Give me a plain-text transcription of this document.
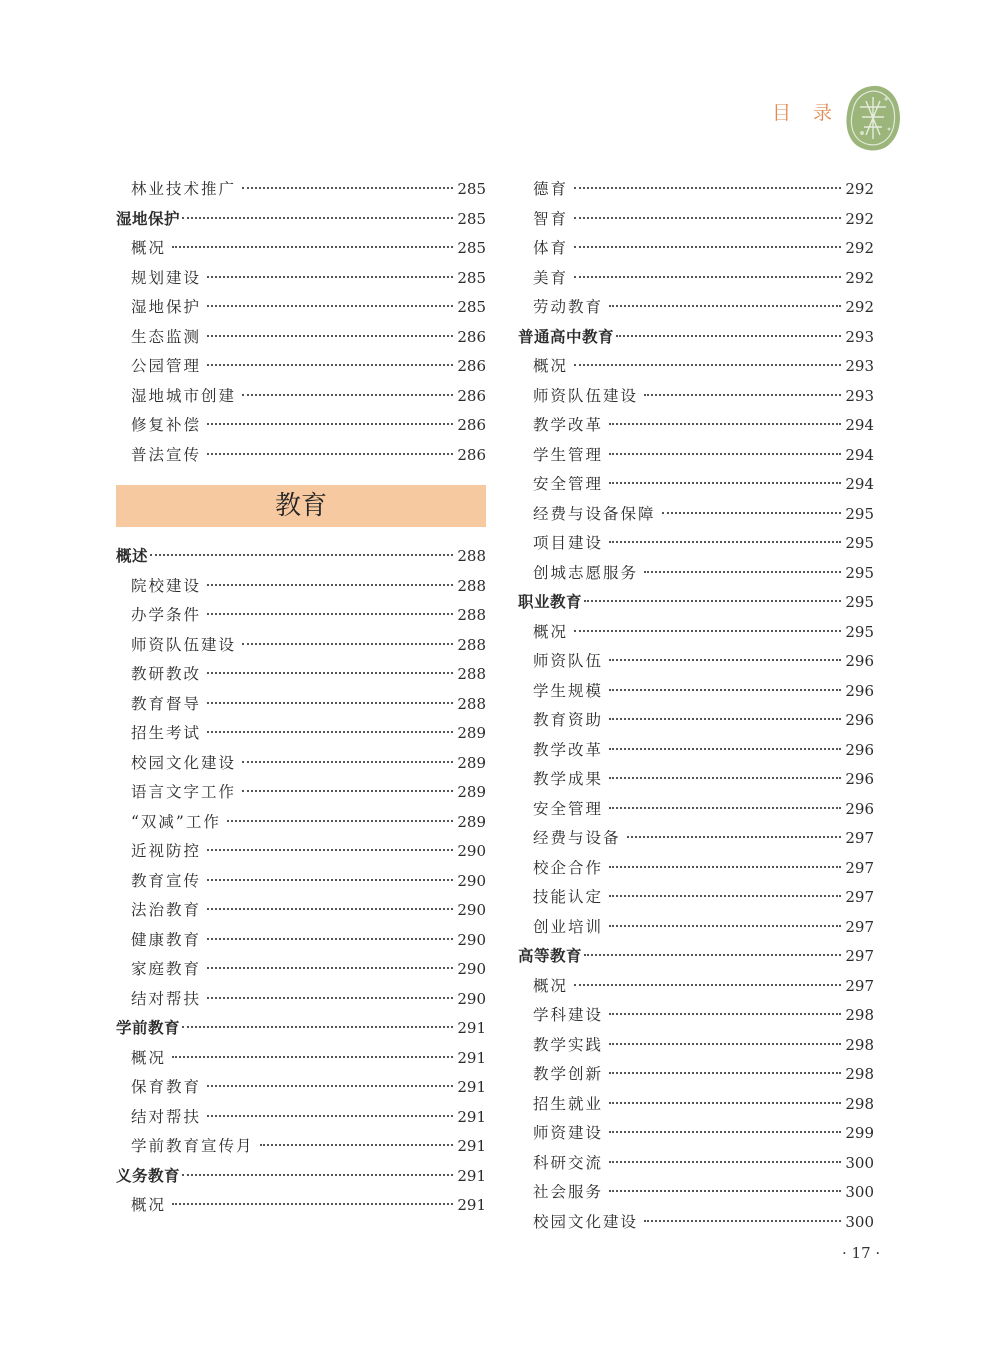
目 录
林业技术推广	285
湿地保护	285
概况	285
规划建设	285
湿地保护	285
生态监测	286
公园管理	286
湿地城市创建	286
修复补偿	286
普法宣传	286
教育
概述	288
院校建设	288
办学条件	288
师资队伍建设	288
教研教改	288
教育督导	288
招生考试	289
校园文化建设	289
语言文字工作	289
“双减”工作	289
近视防控	290
教育宣传	290
法治教育	290
健康教育	290
家庭教育	290
结对帮扶	290
学前教育	291
概况	291
保育教育	291
结对帮扶	291
学前教育宣传月	291
义务教育	291
概况	291
德育	292
智育	292
体育	292
美育	292
劳动教育	292
普通高中教育	293
概况	293
师资队伍建设	293
教学改革	294
学生管理	294
安全管理	294
经费与设备保障	295
项目建设	295
创城志愿服务	295
职业教育	295
概况	295
师资队伍	296
学生规模	296
教育资助	296
教学改革	296
教学成果	296
安全管理	296
经费与设备	297
校企合作	297
技能认定	297
创业培训	297
高等教育	297
概况	297
学科建设	298
教学实践	298
教学创新	298
招生就业	298
师资建设	299
科研交流	300
社会服务	300
校园文化建设	300
· 17 ·
